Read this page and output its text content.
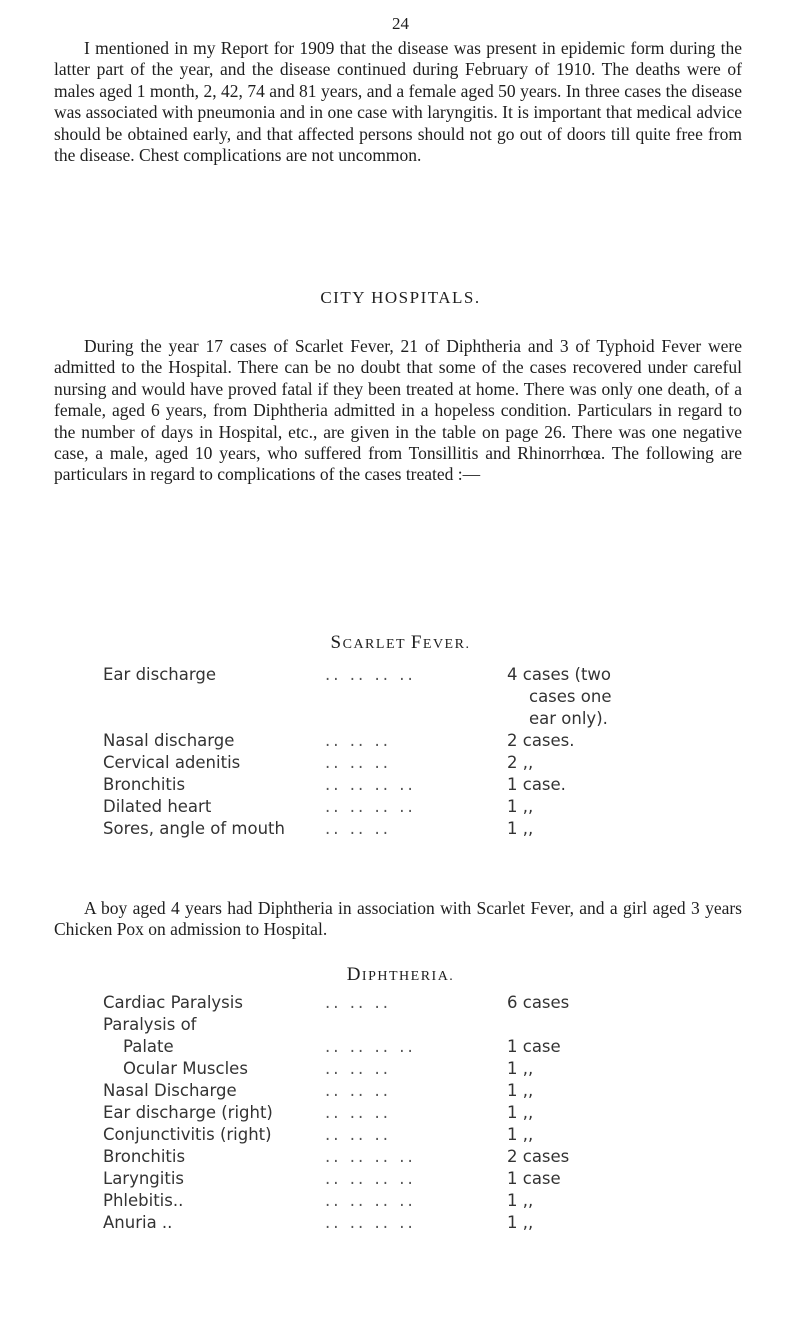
24

I mentioned in my Report for 1909 that the disease was present in epidemic form during the latter part of the year, and the disease continued during February of 1910. The deaths were of males aged 1 month, 2, 42, 74 and 81 years, and a female aged 50 years. In three cases the disease was associated with pneumonia and in one case with laryngitis. It is important that medical advice should be obtained early, and that affected persons should not go out of doors till quite free from the disease. Chest complications are not uncommon.

CITY HOSPITALS.

During the year 17 cases of Scarlet Fever, 21 of Diphtheria and 3 of Typhoid Fever were admitted to the Hospital. There can be no doubt that some of the cases recovered under careful nursing and would have proved fatal if they been treated at home. There was only one death, of a female, aged 6 years, from Diphtheria admitted in a hopeless condition. Particulars in regard to the number of days in Hospital, etc., are given in the table on page 26. There was one negative case, a male, aged 10 years, who suffered from Tonsillitis and Rhinorrhœa. The following are particulars in regard to complications of the cases treated :—

SCARLET FEVER.
Ear discharge	.. .. .. ..	4 cases (two
cases one
ear only).
Nasal discharge	.. .. ..	2 cases.
Cervical adenitis	.. .. ..	2 ,,
Bronchitis	.. .. .. ..	1 case.
Dilated heart	.. .. .. ..	1 ,,
Sores, angle of mouth .. .. ..	1 ,,

A boy aged 4 years had Diphtheria in association with Scarlet Fever, and a girl aged 3 years Chicken Pox on admission to Hospital.

DIPHTHERIA.
Cardiac Paralysis	.. .. ..	6 cases
Paralysis of
Palate	.. .. .. ..	1 case
Ocular Muscles	.. .. ..	1 ,,
Nasal Discharge	.. .. ..	1 ,,
Ear discharge (right)	.. .. ..	1 ,,
Conjunctivitis (right)	.. .. ..	1 ,,
Bronchitis	.. .. .. ..	2 cases
Laryngitis	.. .. .. ..	1 case
Phlebitis..	.. .. .. ..	1 ,,
Anuria ..	.. .. .. ..	1 ,,
